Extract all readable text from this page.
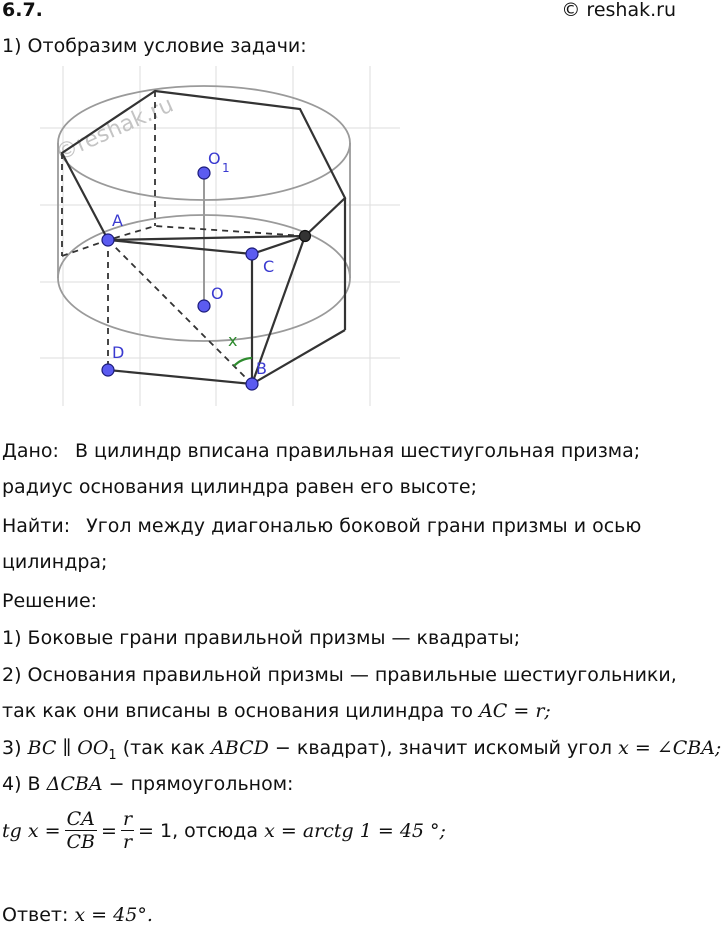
6.7.	© reshak.ru
1) Отобразим условие задачи:
©reshak.ru
A
C
D
B
O
O 1
x
Дано: В цилиндр вписана правильная шестиугольная призма;
радиус основания цилиндра равен его высоте;
Найти: Угол между диагональю боковой грани призмы и осью
цилиндра;
Решение:
1) Боковые грани правильной призмы — квадраты;
2) Основания правильной призмы — правильные шестиугольники,
так как они вписаны в основания цилиндра то AC = r;
3) BC ∥ $OO_1$ (так как ABCD − квадрат), значит искомый угол x = ∠CBA;
4) В ΔCBA − прямоугольном:
tg $x = \frac{CA}{CB} = \frac{r}{r} = 1$, отсюда x = arctg 1 = 45 °;
Ответ: x = 45°.
